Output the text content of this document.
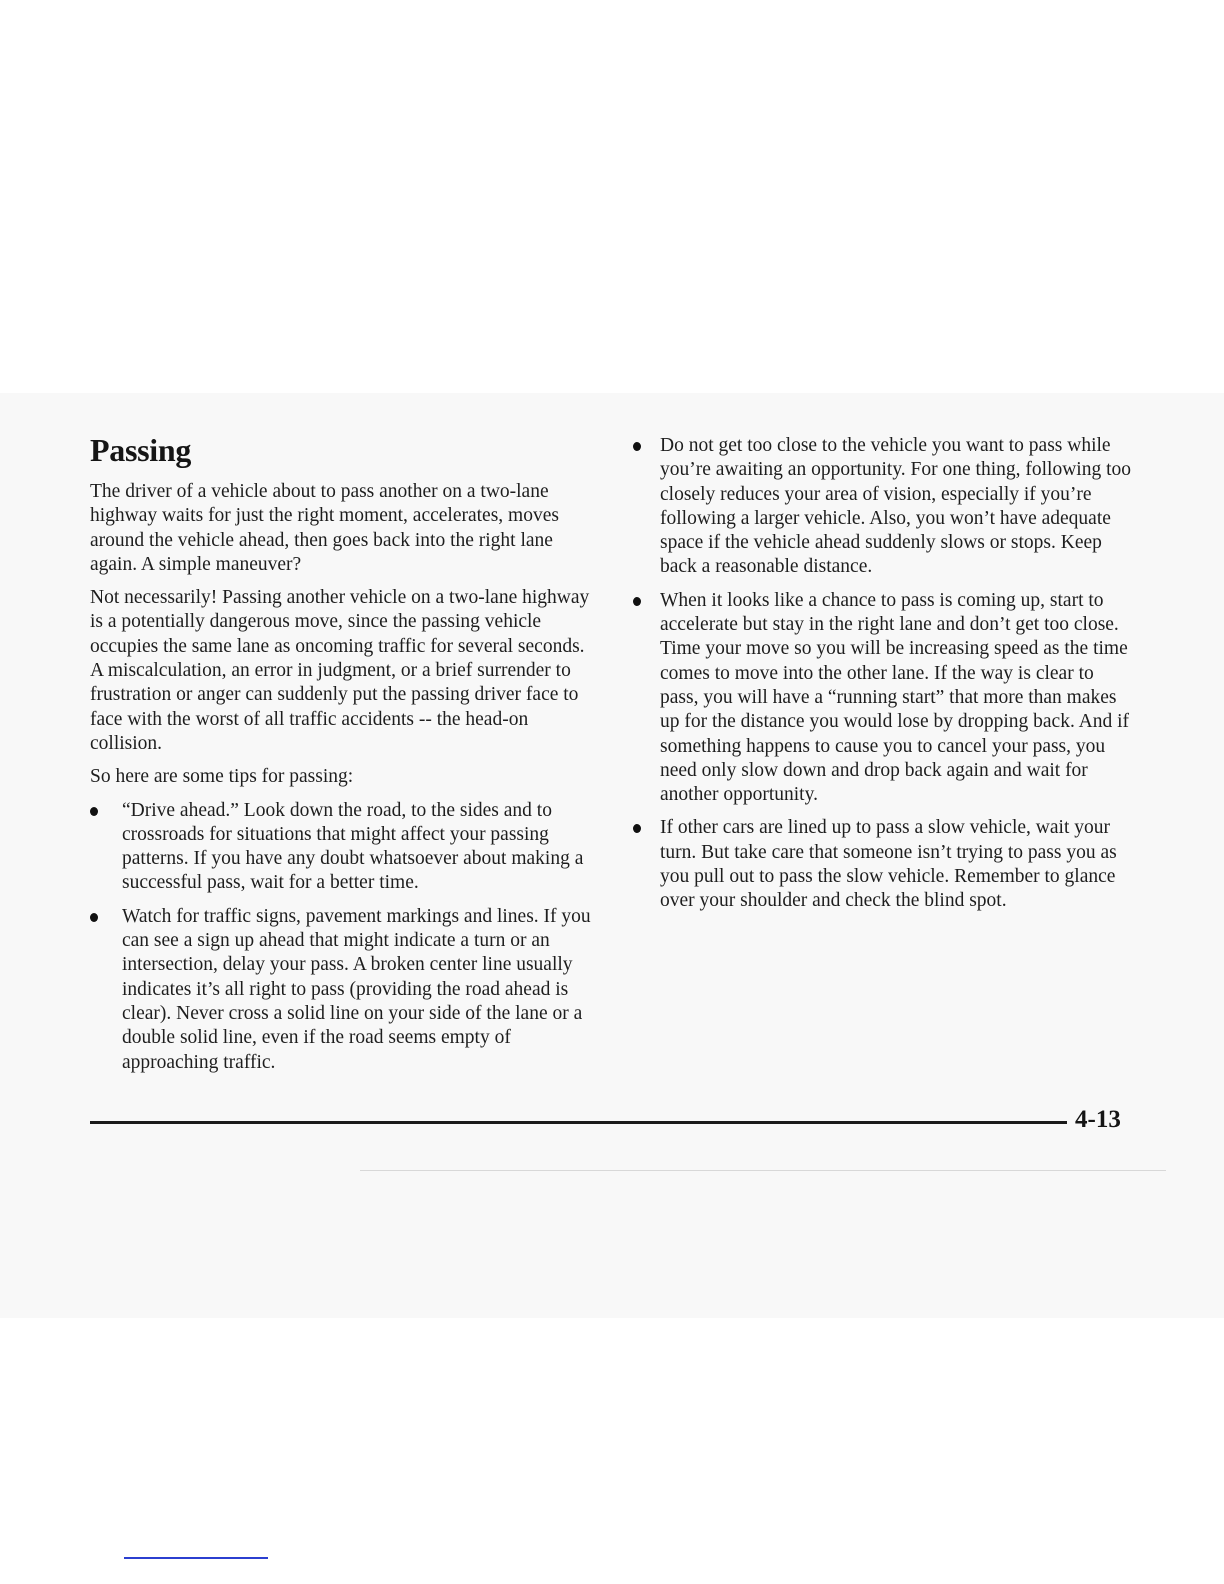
Passing

The driver of a vehicle about to pass another on a two-lane highway waits for just the right moment, accelerates, moves around the vehicle ahead, then goes back into the right lane again. A simple maneuver?

Not necessarily! Passing another vehicle on a two-lane highway is a potentially dangerous move, since the passing vehicle occupies the same lane as oncoming traffic for several seconds. A miscalculation, an error in judgment, or a brief surrender to frustration or anger can suddenly put the passing driver face to face with the worst of all traffic accidents -- the head-on collision.

So here are some tips for passing:

“Drive ahead.” Look down the road, to the sides and to crossroads for situations that might affect your passing patterns. If you have any doubt whatsoever about making a successful pass, wait for a better time.
Watch for traffic signs, pavement markings and lines. If you can see a sign up ahead that might indicate a turn or an intersection, delay your pass. A broken center line usually indicates it’s all right to pass (providing the road ahead is clear). Never cross a solid line on your side of the lane or a double solid line, even if the road seems empty of approaching traffic.
Do not get too close to the vehicle you want to pass while you’re awaiting an opportunity. For one thing, following too closely reduces your area of vision, especially if you’re following a larger vehicle. Also, you won’t have adequate space if the vehicle ahead suddenly slows or stops. Keep back a reasonable distance.
When it looks like a chance to pass is coming up, start to accelerate but stay in the right lane and don’t get too close. Time your move so you will be increasing speed as the time comes to move into the other lane. If the way is clear to pass, you will have a “running start” that more than makes up for the distance you would lose by dropping back. And if something happens to cause you to cancel your pass, you need only slow down and drop back again and wait for another opportunity.
If other cars are lined up to pass a slow vehicle, wait your turn. But take care that someone isn’t trying to pass you as you pull out to pass the slow vehicle. Remember to glance over your shoulder and check the blind spot.
4-13
